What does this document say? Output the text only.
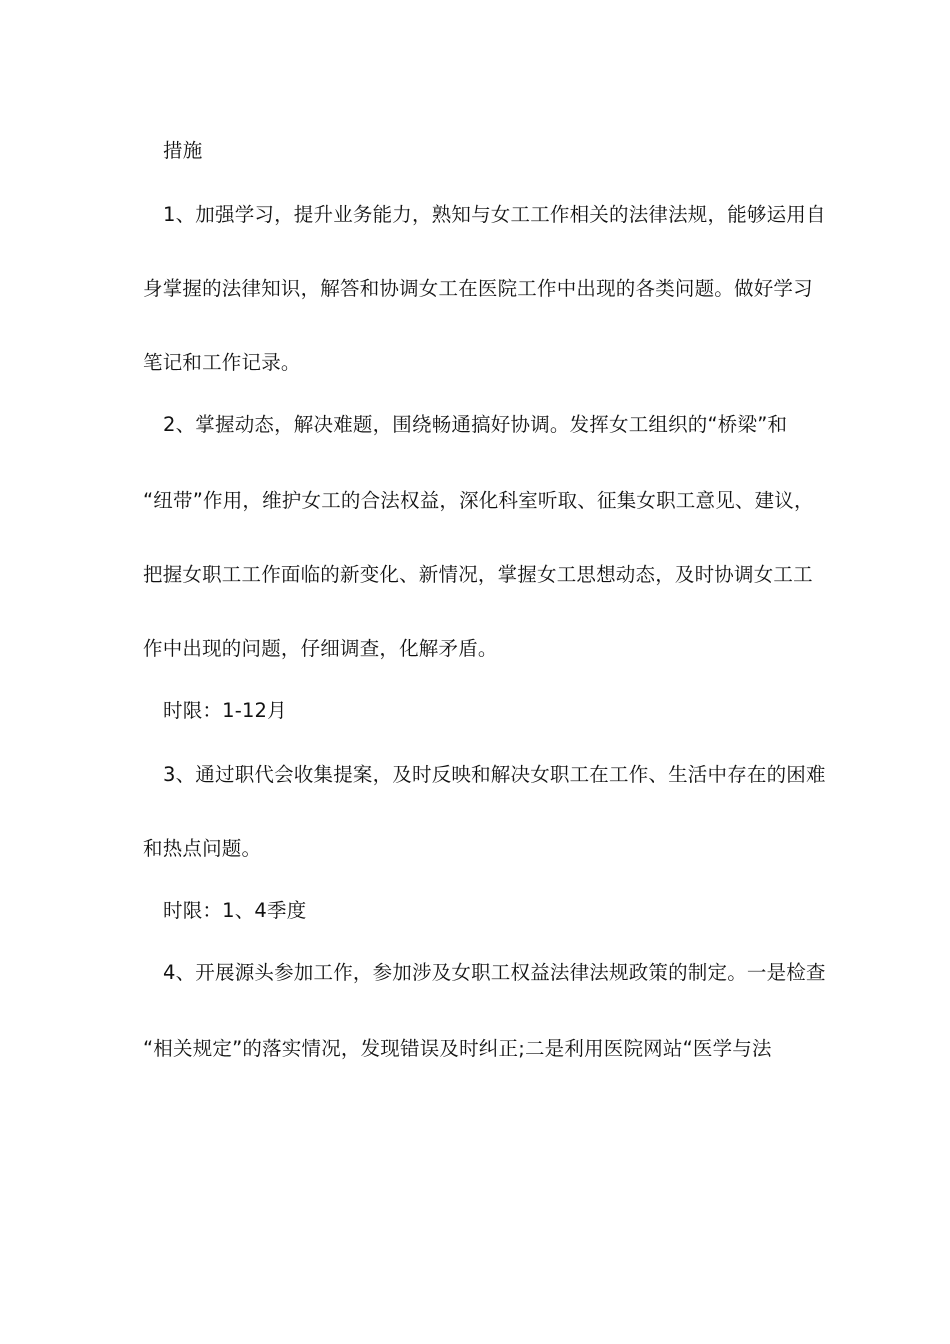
措施
1、加强学习，提升业务能力，熟知与女工工作相关的法律法规，能够运用自
身掌握的法律知识，解答和协调女工在医院工作中出现的各类问题。做好学习
笔记和工作记录。
2、掌握动态，解决难题，围绕畅通搞好协调。发挥女工组织的“桥梁”和
“纽带”作用，维护女工的合法权益，深化科室听取、征集女职工意见、建议，
把握女职工工作面临的新变化、新情况，掌握女工思想动态，及时协调女工工
作中出现的问题，仔细调查，化解矛盾。
时限：1-12月
3、通过职代会收集提案，及时反映和解决女职工在工作、生活中存在的困难
和热点问题。
时限：1、4季度
4、开展源头参加工作，参加涉及女职工权益法律法规政策的制定。一是检查
“相关规定”的落实情况，发现错误及时纠正;二是利用医院网站“医学与法
